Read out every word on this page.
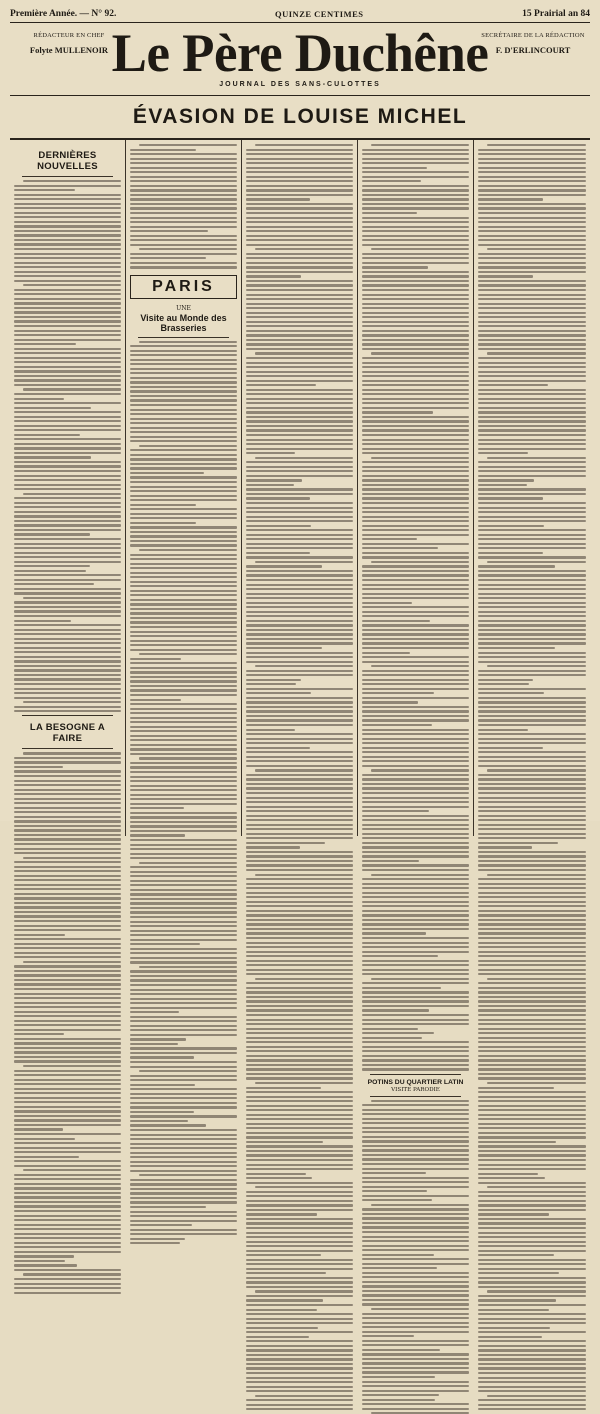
Première Année. — N° 92.	QUINZE CENTIMES	15 Prairial an 84
RÉDACTEUR EN CHEF
Folyte MULLENOIR Le Père Duchêne
JOURNAL DES SANS-CULOTTES
SECRÉTAIRE DE LA RÉDACTION
F. D'ERLINCOURT
ÉVASION DE LOUISE MICHEL
DERNIÈRES NOUVELLES
LA BESOGNE A FAIRE
PARIS
UNE
Visite au Monde des Brasseries
POTINS DU QUARTIER LATIN
VISITE PARODIE
